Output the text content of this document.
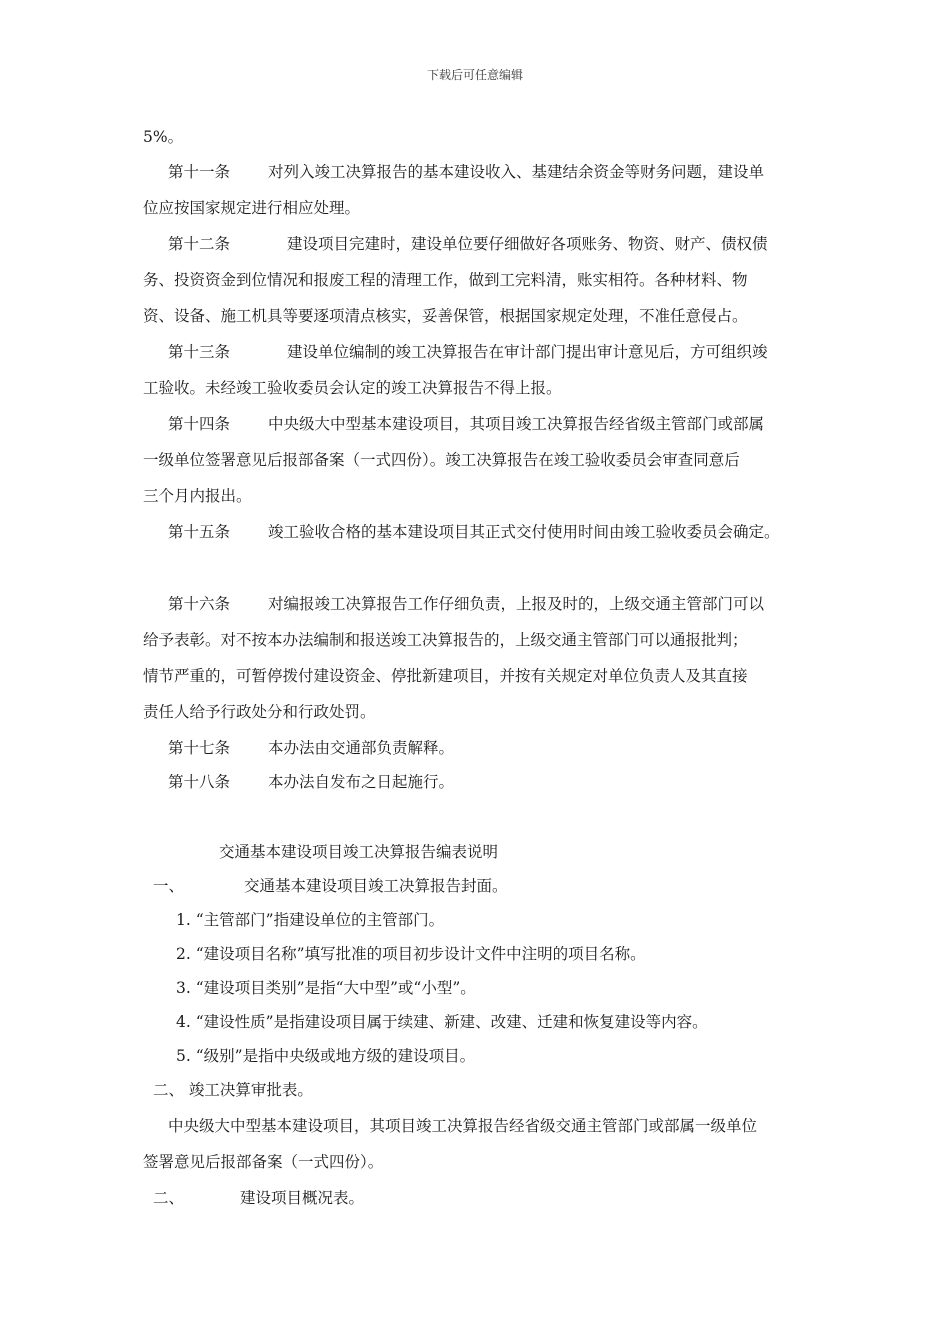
下载后可任意编辑
5%。
第十一条 对列入竣工决算报告的基本建设收入、基建结余资金等财务问题，建设单
位应按国家规定进行相应处理。
第十二条	建设项目完建时，建设单位要仔细做好各项账务、物资、财产、债权债
务、投资资金到位情况和报废工程的清理工作，做到工完料清，账实相符。各种材料、物
资、设备、施工机具等要逐项清点核实，妥善保管，根据国家规定处理，不准任意侵占。
第十三条	建设单位编制的竣工决算报告在审计部门提出审计意见后，方可组织竣
工验收。未经竣工验收委员会认定的竣工决算报告不得上报。
第十四条 中央级大中型基本建设项目，其项目竣工决算报告经省级主管部门或部属
一级单位签署意见后报部备案（一式四份）。竣工决算报告在竣工验收委员会审查同意后
三个月内报出。
第十五条 竣工验收合格的基本建设项目其正式交付使用时间由竣工验收委员会确定。
第十六条 对编报竣工决算报告工作仔细负责，上报及时的，上级交通主管部门可以
给予表彰。对不按本办法编制和报送竣工决算报告的，上级交通主管部门可以通报批判；
情节严重的，可暂停拨付建设资金、停批新建项目，并按有关规定对单位负责人及其直接
责任人给予行政处分和行政处罚。
第十七条 本办法由交通部负责解释。
第十八条 本办法自发布之日起施行。
交通基本建设项目竣工决算报告编表说明
一、	交通基本建设项目竣工决算报告封面。
1. “主管部门”指建设单位的主管部门。
2. “建设项目名称”填写批准的项目初步设计文件中注明的项目名称。
3. “建设项目类别”是指“大中型”或“小型”。
4. “建设性质”是指建设项目属于续建、新建、改建、迁建和恢复建设等内容。
5. “级别”是指中央级或地方级的建设项目。
二、 竣工决算审批表。
中央级大中型基本建设项目，其项目竣工决算报告经省级交通主管部门或部属一级单位
签署意见后报部备案（一式四份）。
二、	建设项目概况表。
